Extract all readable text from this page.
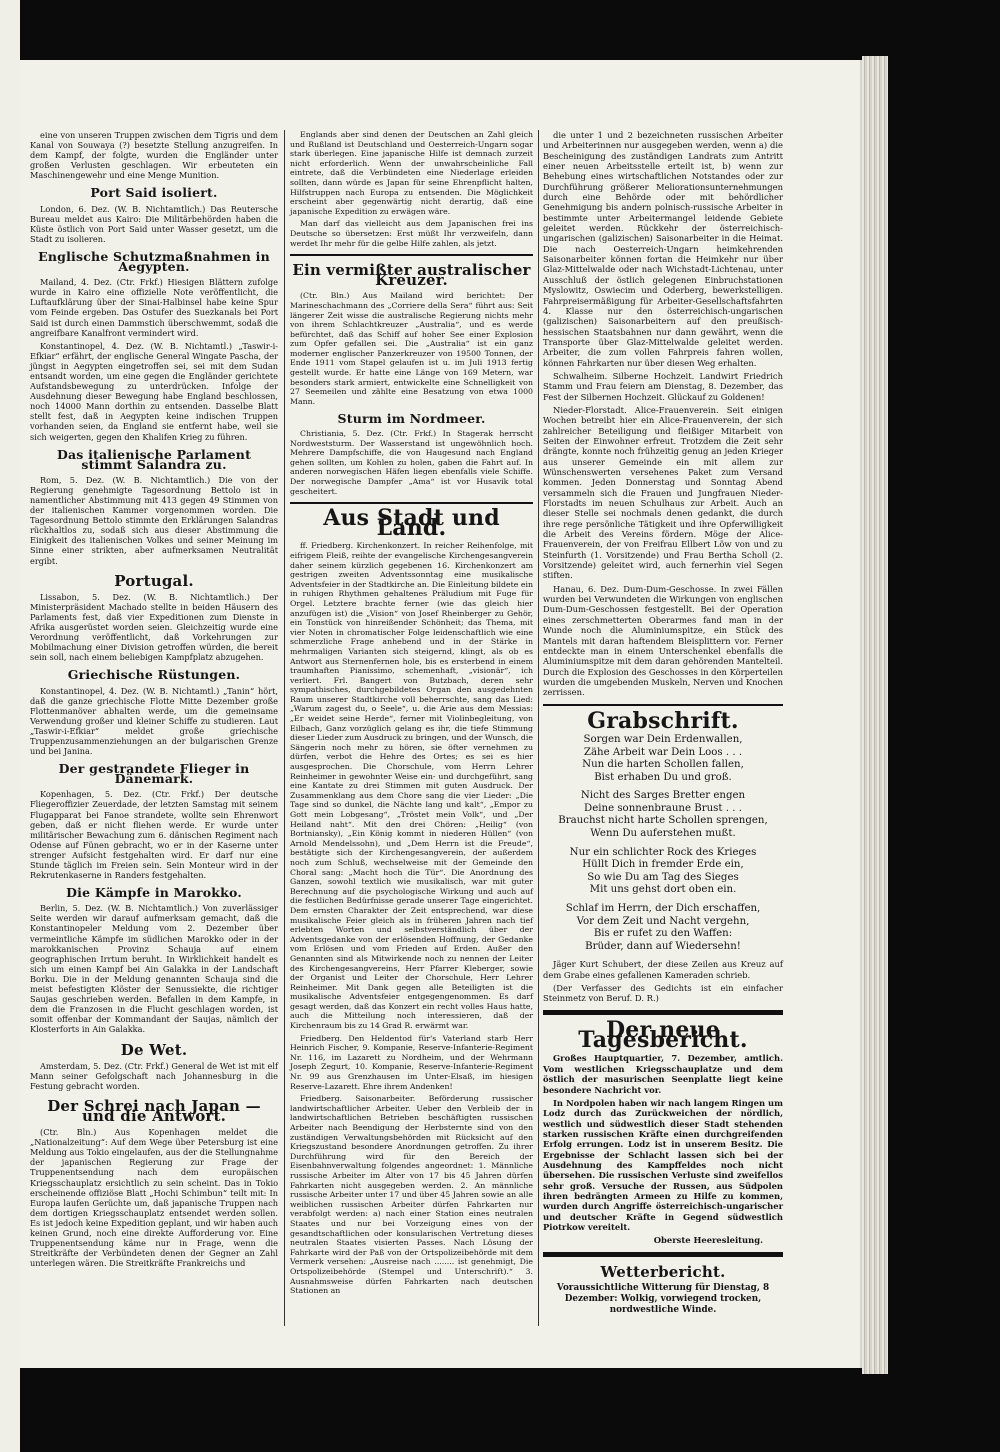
eine von unseren Truppen zwischen dem Tigris und dem Kanal von Souwaya (?) besetzte Stellung anzugreifen. In dem Kampf, der folgte, wurden die Engländer unter großen Verlusten geschlagen. Wir erbeuteten ein Maschinengewehr und eine Menge Munition.

Port Said isoliert.

London, 6. Dez. (W. B. Nichtamtlich.) Das Reutersche Bureau meldet aus Kairo: Die Militärbehörden haben die Küste östlich von Port Said unter Wasser gesetzt, um die Stadt zu isolieren.

Englische Schutzmaßnahmen in Aegypten.

Mailand, 4. Dez. (Ctr. Frkf.) Hiesigen Blättern zufolge wurde in Kairo eine offizielle Note veröffentlicht, die Luftaufklärung über der Sinai-Halbinsel habe keine Spur vom Feinde ergeben. Das Ostufer des Suezkanals bei Port Said ist durch einen Dammstich überschwemmt, sodaß die angreifbare Kanalfront vermindert wird.

Konstantinopel, 4. Dez. (W. B. Nichtamtl.) „Taswir-i-Efkiar“ erfährt, der englische General Wingate Pascha, der jüngst in Aegypten eingetroffen sei, sei mit dem Sudan entsandt worden, um eine gegen die Engländer gerichtete Aufstandsbewegung zu unterdrücken. Infolge der Ausdehnung dieser Bewegung habe England beschlossen, noch 14000 Mann dorthin zu entsenden. Dasselbe Blatt stellt fest, daß in Aegypten keine indischen Truppen vorhanden seien, da England sie entfernt habe, weil sie sich weigerten, gegen den Khalifen Krieg zu führen.

Das italienische Parlament stimmt Salandra zu.

Rom, 5. Dez. (W. B. Nichtamtlich.) Die von der Regierung genehmigte Tagesordnung Bettolo ist in namentlicher Abstimmung mit 413 gegen 49 Stimmen von der italienischen Kammer vorgenommen worden. Die Tagesordnung Bettolo stimmte den Erklärungen Salandras rückhaltlos zu, sodaß sich aus dieser Abstimmung die Einigkeit des italienischen Volkes und seiner Meinung im Sinne einer strikten, aber aufmerksamen Neutralität ergibt.

Portugal.

Lissabon, 5. Dez. (W. B. Nichtamtlich.) Der Ministerpräsident Machado stellte in beiden Häusern des Parlaments fest, daß vier Expeditionen zum Dienste in Afrika ausgerüstet worden seien. Gleichzeitig wurde eine Verordnung veröffentlicht, daß Vorkehrungen zur Mobilmachung einer Division getroffen würden, die bereit sein soll, nach einem beliebigen Kampfplatz abzugehen.

Griechische Rüstungen.

Konstantinopel, 4. Dez. (W. B. Nichtamtl.) „Tanin“ hört, daß die ganze griechische Flotte Mitte Dezember große Flottenmanöver abhalten werde, um die gemeinsame Verwendung großer und kleiner Schiffe zu studieren. Laut „Taswir-i-Efkiar“ meldet große griechische Truppenzusammenziehungen an der bulgarischen Grenze und bei Janina.

Der gestrandete Flieger in Dänemark.

Kopenhagen, 5. Dez. (Ctr. Frkf.) Der deutsche Fliegeroffizier Zeuerdade, der letzten Samstag mit seinem Flugapparat bei Fanoe strandete, wollte sein Ehrenwort geben, daß er nicht fliehen werde. Er wurde unter militärischer Bewachung zum 6. dänischen Regiment nach Odense auf Fünen gebracht, wo er in der Kaserne unter strenger Aufsicht festgehalten wird. Er darf nur eine Stunde täglich im Freien sein. Sein Monteur wird in der Rekrutenkaserne in Randers festgehalten.

Die Kämpfe in Marokko.

Berlin, 5. Dez. (W. B. Nichtamtlich.) Von zuverlässiger Seite werden wir darauf aufmerksam gemacht, daß die Konstantinopeler Meldung vom 2. Dezember über vermeintliche Kämpfe im südlichen Marokko oder in der marokkanischen Provinz Schauja auf einem geographischen Irrtum beruht. In Wirklichkeit handelt es sich um einen Kampf bei Ain Galakka in der Landschaft Borku. Die in der Meldung genannten Schauja sind die meist befestigten Klöster der Senussiekte, die richtiger Saujas geschrieben werden. Befallen in dem Kampfe, in dem die Franzosen in die Flucht geschlagen worden, ist somit offenbar der Kommandant der Saujas, nämlich der Klosterforts in Ain Galakka.

De Wet.

Amsterdam, 5. Dez. (Ctr. Frkf.) General de Wet ist mit elf Mann seiner Gefolgschaft nach Johannesburg in die Festung gebracht worden.

Der Schrei nach Japan — und die Antwort.

(Ctr. Bln.) Aus Kopenhagen meldet die „Nationalzeitung“: Auf dem Wege über Petersburg ist eine Meldung aus Tokio eingelaufen, aus der die Stellungnahme der japanischen Regierung zur Frage der Truppenentsendung nach dem europäischen Kriegsschauplatz ersichtlich zu sein scheint. Das in Tokio erscheinende offiziöse Blatt „Hochi Schimbun“ teilt mit: In Europa laufen Gerüchte um, daß japanische Truppen nach dem dortigen Kriegsschauplatz entsendet werden sollen. Es ist jedoch keine Expedition geplant, und wir haben auch keinen Grund, noch eine direkte Aufforderung vor. Eine Truppenentsendung käme nur in Frage, wenn die Streitkräfte der Verbündeten denen der Gegner an Zahl unterlegen wären. Die Streitkräfte Frankreichs und

Englands aber sind denen der Deutschen an Zahl gleich und Rußland ist Deutschland und Oesterreich-Ungarn sogar stark überlegen. Eine japanische Hilfe ist demnach zurzeit nicht erforderlich. Wenn der unwahrscheinliche Fall eintrete, daß die Verbündeten eine Niederlage erleiden sollten, dann würde es Japan für seine Ehrenpflicht halten, Hilfstruppen nach Europa zu entsenden. Die Möglichkeit erscheint aber gegenwärtig nicht derartig, daß eine japanische Expedition zu erwägen wäre.

Man darf das vielleicht aus dem Japanischen frei ins Deutsche so übersetzen: Erst müßt Ihr verzweifeln, dann werdet Ihr mehr für die gelbe Hilfe zahlen, als jetzt.

Ein vermißter australischer Kreuzer.

(Ctr. Bln.) Aus Mailand wird berichtet: Der Marineschachmann des „Corriere della Sera“ führt aus: Seit längerer Zeit wisse die australische Regierung nichts mehr von ihrem Schlachtkreuzer „Australia“, und es werde befürchtet, daß das Schiff auf hoher See einer Explosion zum Opfer gefallen sei. Die „Australia“ ist ein ganz moderner englischer Panzerkreuzer von 19500 Tonnen, der Ende 1911 vom Stapel gelaufen ist u. im Juli 1913 fertig gestellt wurde. Er hatte eine Länge von 169 Metern, war besonders stark armiert, entwickelte eine Schnelligkeit von 27 Seemeilen und zählte eine Besatzung von etwa 1000 Mann.

Sturm im Nordmeer.

Christiania, 5. Dez. (Ctr. Frkf.) In Stagerak herrscht Nordweststurm. Der Wasserstand ist ungewöhnlich hoch. Mehrere Dampfschiffe, die von Haugesund nach England gehen sollten, um Kohlen zu holen, gaben die Fahrt auf. In anderen norwegischen Häfen liegen ebenfalls viele Schiffe. Der norwegische Dampfer „Ama“ ist vor Husavik total gescheitert.

Aus Stadt und Land.

ff. Friedberg. Kirchenkonzert. In reicher Reihenfolge, mit eifrigem Fleiß, reihte der evangelische Kirchengesangverein daher seinem kürzlich gegebenen 16. Kirchenkonzert am gestrigen zweiten Adventssonntag eine musikalische Adventsfeier in der Stadtkirche an. Die Einleitung bildete ein in ruhigen Rhythmen gehaltenes Präludium mit Fuge für Orgel. Letztere brachte ferner (wie das gleich hier anzufügen ist) die „Vision“ von Josef Rheinberger zu Gehör, ein Tonstück von hinreißender Schönheit; das Thema, mit vier Noten in chromatischer Folge leidenschaftlich wie eine schmerzliche Frage anhebend und in der Stärke in mehrmaligen Varianten sich steigernd, klingt, als ob es Antwort aus Sternenfernen hole, bis es ersterbend in einem traumhaften Pianissimo, schemenhaft, „visionär“, ich verliert. Frl. Bangert von Butzbach, deren sehr sympathisches, durchgebildetes Organ den ausgedehnten Raum unserer Stadtkirche voll beherrschte, sang das Lied: „Warum zagest du, o Seele“, u. die Arie aus dem Messias: „Er weidet seine Herde“, ferner mit Violinbegleitung, von Eilbach, Ganz vorzüglich gelang es ihr, die tiefe Stimmung dieser Lieder zum Ausdruck zu bringen, und der Wunsch, die Sängerin noch mehr zu hören, sie öfter vernehmen zu dürfen, verbot die Hehre des Ortes; es sei es hier ausgesprochen. Die Chorschule, vom Herrn Lehrer Reinheimer in gewohnter Weise ein- und durchgeführt, sang eine Kantate zu drei Stimmen mit guten Ausdruck. Der Zusammenklang aus dem Chore sang die vier Lieder: „Die Tage sind so dunkel, die Nächte lang und kalt“, „Empor zu Gott mein Lobgesang“, „Tröstet mein Volk“, und „Der Heiland naht“. Mit den drei Chören: „Heilig“ (von Bortniansky), „Ein König kommt in niederen Hüllen“ (von Arnold Mendelssohn), und „Dem Herrn ist die Freude“, bestätigte sich der Kirchengesangverein, der außerdem noch zum Schluß, wechselweise mit der Gemeinde den Choral sang: „Macht hoch die Tür“. Die Anordnung des Ganzen, sowohl textlich wie musikalisch, war mit guter Berechnung auf die psychologische Wirkung und auch auf die festlichen Bedürfnisse gerade unserer Tage eingerichtet. Dem ernsten Charakter der Zeit entsprechend, war diese musikalische Feier gleich als in früheren Jahren nach tief erlebten Worten und selbstverständlich über der Adventsgedanke von der erlösenden Hoffnung, der Gedanke vom Erlösen und vom Frieden auf Erden. Außer den Genannten sind als Mitwirkende noch zu nennen der Leiter des Kirchengesangvereins, Herr Pfarrer Kleberger, sowie der Organist und Leiter der Chorschule, Herr Lehrer Reinheimer. Mit Dank gegen alle Beteiligten ist die musikalische Adventsfeier entgegengenommen. Es darf gesagt werden, daß das Konzert ein recht volles Haus hatte, auch die Mitteilung noch interessieren, daß der Kirchenraum bis zu 14 Grad R. erwärmt war.

Friedberg. Den Heldentod für's Vaterland starb Herr Heinrich Fischer, 9. Kompanie, Reserve-Infanterie-Regiment Nr. 116, im Lazarett zu Nordheim, und der Wehrmann Joseph Zegurt, 10. Kompanie, Reserve-Infanterie-Regiment Nr. 99 aus Grenzhausen im Unter-Elsaß, im hiesigen Reserve-Lazarett. Ehre ihrem Andenken!

Friedberg. Saisonarbeiter. Beförderung russischer landwirtschaftlicher Arbeiter. Ueber den Verbleib der in landwirtschaftlichen Betrieben beschäftigten russischen Arbeiter nach Beendigung der Herbsternte sind von den zuständigen Verwaltungsbehörden mit Rücksicht auf den Kriegszustand besondere Anordnungen getroffen. Zu ihrer Durchführung wird für den Bereich der Eisenbahnverwaltung folgendes angeordnet: 1. Männliche russische Arbeiter im Alter von 17 bis 45 Jahren dürfen Fahrkarten nicht ausgegeben werden. 2. An männliche russische Arbeiter unter 17 und über 45 Jahren sowie an alle weiblichen russischen Arbeiter dürfen Fahrkarten nur verabfolgt werden: a) nach einer Station eines neutralen Staates und nur bei Vorzeigung eines von der gesandtschaftlichen oder konsularischen Vertretung dieses neutralen Staates visierten Passes. Nach Lösung der Fahrkarte wird der Paß von der Ortspolizeibehörde mit dem Vermerk versehen: „Ausreise nach ........ ist genehmigt, Die Ortspolizeibehörde (Stempel und Unterschrift).“ 3. Ausnahmsweise dürfen Fahrkarten nach deutschen Stationen an

die unter 1 und 2 bezeichneten russischen Arbeiter und Arbeiterinnen nur ausgegeben werden, wenn a) die Bescheinigung des zuständigen Landrats zum Antritt einer neuen Arbeitsstelle erteilt ist, b) wenn zur Behebung eines wirtschaftlichen Notstandes oder zur Durchführung größerer Meliorationsunternehmungen durch eine Behörde oder mit behördlicher Genehmigung bis andern polnisch-russische Arbeiter in bestimmte unter Arbeitermangel leidende Gebiete geleitet werden. Rückkehr der österreichisch-ungarischen (galizischen) Saisonarbeiter in die Heimat. Die nach Oesterreich-Ungarn heimkehrenden Saisonarbeiter können fortan die Heimkehr nur über Glaz-Mittelwalde oder nach Wichstadt-Lichtenau, unter Ausschluß der östlich gelegenen Einbruchstationen Myslowitz, Oswiecim und Oderberg, bewerkstelligen. Fahrpreisermäßigung für Arbeiter-Gesellschaftsfahrten 4. Klasse nur den österreichisch-ungarischen (galizischen) Saisonarbeitern auf den preußisch-hessischen Staatsbahnen nur dann gewährt, wenn die Transporte über Glaz-Mittelwalde geleitet werden. Arbeiter, die zum vollen Fahrpreis fahren wollen, können Fahrkarten nur über diesen Weg erhalten.

Schwalheim. Silberne Hochzeit. Landwirt Friedrich Stamm und Frau feiern am Dienstag, 8. Dezember, das Fest der Silbernen Hochzeit. Glückauf zu Goldenen!

Nieder-Florstadt. Alice-Frauenverein. Seit einigen Wochen betreibt hier ein Alice-Frauenverein, der sich zahlreicher Beteiligung und fleißiger Mitarbeit von Seiten der Einwohner erfreut. Trotzdem die Zeit sehr drängte, konnte noch frühzeitig genug an jeden Krieger aus unserer Gemeinde ein mit allem zur Wünschenswerten versehenes Paket zum Versand kommen. Jeden Donnerstag und Sonntag Abend versammeln sich die Frauen und Jungfrauen Nieder-Florstadts im neuen Schulhaus zur Arbeit. Auch an dieser Stelle sei nochmals denen gedankt, die durch ihre rege persönliche Tätigkeit und ihre Opferwilligkeit die Arbeit des Vereins fördern. Möge der Alice-Frauenverein, der von Freifrau Ellbert Löw von und zu Steinfurth (1. Vorsitzende) und Frau Bertha Scholl (2. Vorsitzende) geleitet wird, auch fernerhin viel Segen stiften.

Hanau, 6. Dez. Dum-Dum-Geschosse. In zwei Fällen wurden bei Verwundeten die Wirkungen von englischen Dum-Dum-Geschossen festgestellt. Bei der Operation eines zerschmetterten Oberarmes fand man in der Wunde noch die Aluminiumspitze, ein Stück des Mantels mit daran haftendem Bleisplittern vor. Ferner entdeckte man in einem Unterschenkel ebenfalls die Aluminiumspitze mit dem daran gehörenden Mantelteil. Durch die Explosion des Geschosses in den Körperteilen wurden die umgebenden Muskeln, Nerven und Knochen zerrissen.

Grabschrift.
Sorgen war Dein Erdenwallen,
Zähe Arbeit war Dein Loos . . .
Nun die harten Schollen fallen,
Bist erhaben Du und groß.
Nicht des Sarges Bretter engen
Deine sonnenbraune Brust . . .
Brauchst nicht harte Schollen sprengen,
Wenn Du auferstehen mußt.
Nur ein schlichter Rock des Krieges
Hüllt Dich in fremder Erde ein,
So wie Du am Tag des Sieges
Mit uns gehst dort oben ein.
Schlaf im Herrn, der Dich erschaffen,
Vor dem Zeit und Nacht vergehn,
Bis er rufet zu den Waffen:
Brüder, dann auf Wiedersehn!

Jäger Kurt Schubert, der diese Zeilen aus Kreuz auf dem Grabe eines gefallenen Kameraden schrieb.

(Der Verfasser des Gedichts ist ein einfacher Steinmetz von Beruf. D. R.)

Der neue Tagesbericht.

Großes Hauptquartier, 7. Dezember, amtlich. Vom westlichen Kriegsschauplatze und dem östlich der masurischen Seenplatte liegt keine besondere Nachricht vor.

In Nordpolen haben wir nach langem Ringen um Lodz durch das Zurückweichen der nördlich, westlich und südwestlich dieser Stadt stehenden starken russischen Kräfte einen durchgreifenden Erfolg errungen. Lodz ist in unserem Besitz. Die Ergebnisse der Schlacht lassen sich bei der Ausdehnung des Kampffeldes noch nicht übersehen. Die russischen Verluste sind zweifellos sehr groß. Versuche der Russen, aus Südpolen ihren bedrängten Armeen zu Hilfe zu kommen, wurden durch Angriffe österreichisch-ungarischer und deutscher Kräfte in Gegend südwestlich Piotrkow vereitelt.

Oberste Heeresleitung.
Wetterbericht.
Voraussichtliche Witterung für Dienstag, 8 Dezember: Wolkig, vorwiegend trocken, nordwestliche Winde.
